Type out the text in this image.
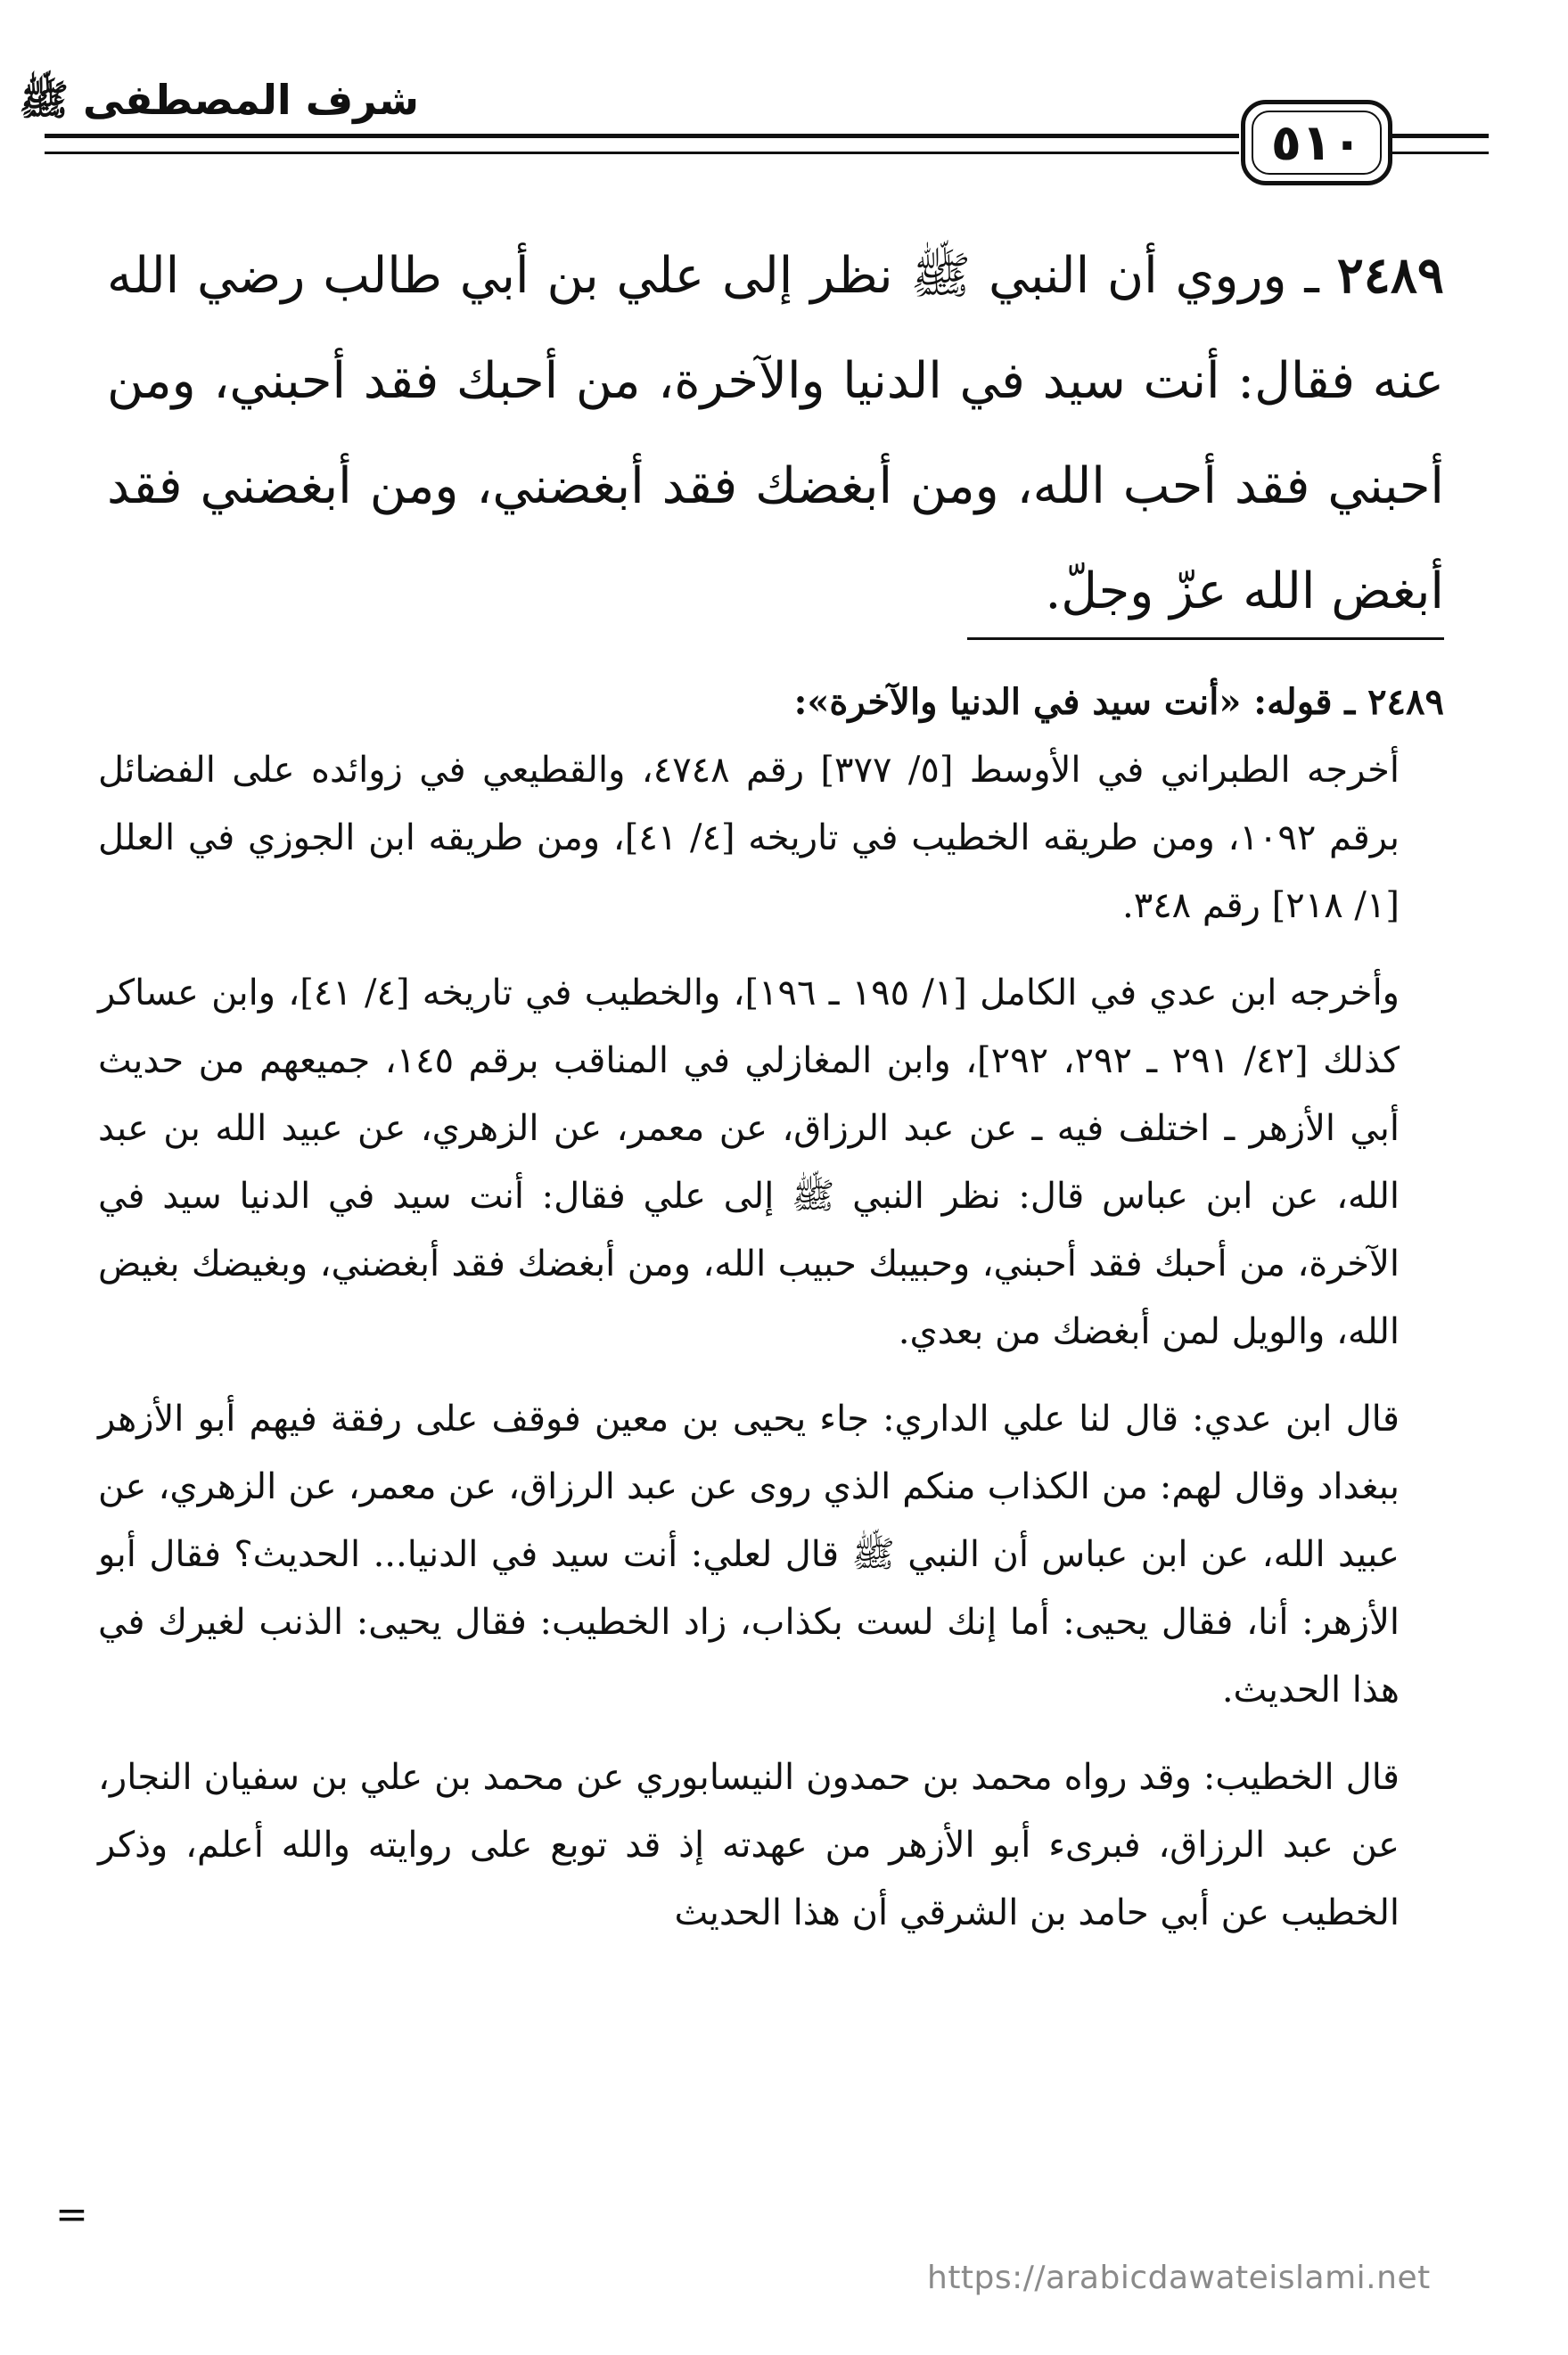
شرف المصطفى ﷺ
٥١٠
٢٤٨٩ ـ وروي أن النبي ﷺ نظر إلى علي بن أبي طالب رضي الله عنه فقال: أنت سيد في الدنيا والآخرة، من أحبك فقد أحبني، ومن أحبني فقد أحب الله، ومن أبغضك فقد أبغضني، ومن أبغضني فقد أبغض الله عزّ وجلّ.

٢٤٨٩ ـ قوله: «أنت سيد في الدنيا والآخرة»:

أخرجه الطبراني في الأوسط [٥/ ٣٧٧] رقم ٤٧٤٨، والقطيعي في زوائده على الفضائل برقم ١٠٩٢، ومن طريقه الخطيب في تاريخه [٤/ ٤١]، ومن طريقه ابن الجوزي في العلل [١/ ٢١٨] رقم ٣٤٨.

وأخرجه ابن عدي في الكامل [١/ ١٩٥ ـ ١٩٦]، والخطيب في تاريخه [٤/ ٤١]، وابن عساكر كذلك [٤٢/ ٢٩١ ـ ٢٩٢، ٢٩٢]، وابن المغازلي في المناقب برقم ١٤٥، جميعهم من حديث أبي الأزهر ـ اختلف فيه ـ عن عبد الرزاق، عن معمر، عن الزهري، عن عبيد الله بن عبد الله، عن ابن عباس قال: نظر النبي ﷺ إلى علي فقال: أنت سيد في الدنيا سيد في الآخرة، من أحبك فقد أحبني، وحبيبك حبيب الله، ومن أبغضك فقد أبغضني، وبغيضك بغيض الله، والويل لمن أبغضك من بعدي.

قال ابن عدي: قال لنا علي الداري: جاء يحيى بن معين فوقف على رفقة فيهم أبو الأزهر ببغداد وقال لهم: من الكذاب منكم الذي روى عن عبد الرزاق، عن معمر، عن الزهري، عن عبيد الله، عن ابن عباس أن النبي ﷺ قال لعلي: أنت سيد في الدنيا... الحديث؟ فقال أبو الأزهر: أنا، فقال يحيى: أما إنك لست بكذاب، زاد الخطيب: فقال يحيى: الذنب لغيرك في هذا الحديث.

قال الخطيب: وقد رواه محمد بن حمدون النيسابوري عن محمد بن علي بن سفيان النجار، عن عبد الرزاق، فبرىء أبو الأزهر من عهدته إذ قد توبع على روايته والله أعلم، وذكر الخطيب عن أبي حامد بن الشرقي أن هذا الحديث

=
https://arabicdawateislami.net
